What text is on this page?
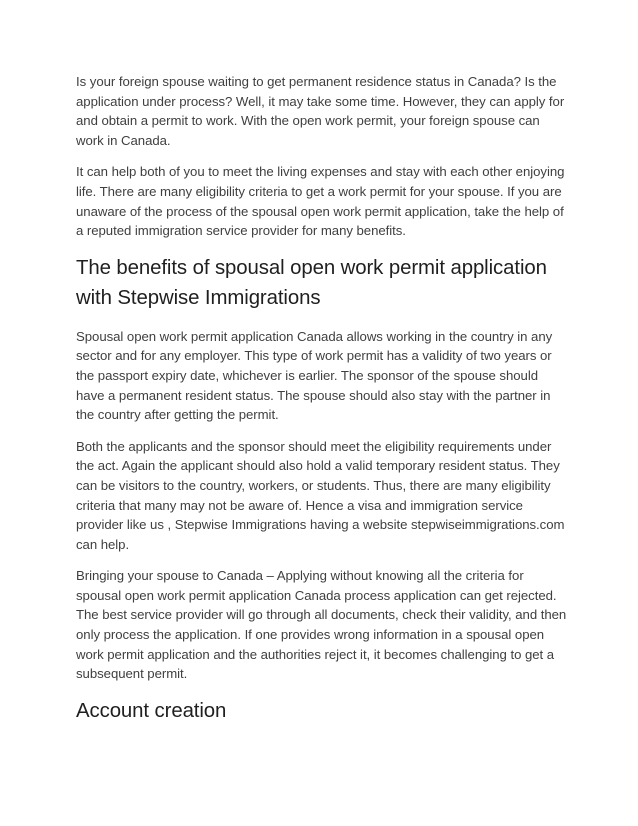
Is your foreign spouse waiting to get permanent residence status in Canada? Is the application under process? Well, it may take some time. However, they can apply for and obtain a permit to work. With the open work permit, your foreign spouse can work in Canada.

It can help both of you to meet the living expenses and stay with each other enjoying life. There are many eligibility criteria to get a work permit for your spouse. If you are unaware of the process of the spousal open work permit application, take the help of a reputed immigration service provider for many benefits.

The benefits of spousal open work permit application with Stepwise Immigrations

Spousal open work permit application Canada allows working in the country in any sector and for any employer. This type of work permit has a validity of two years or the passport expiry date, whichever is earlier. The sponsor of the spouse should have a permanent resident status. The spouse should also stay with the partner in the country after getting the permit.

Both the applicants and the sponsor should meet the eligibility requirements under the act. Again the applicant should also hold a valid temporary resident status. They can be visitors to the country, workers, or students. Thus, there are many eligibility criteria that many may not be aware of. Hence a visa and immigration service provider like us , Stepwise Immigrations having a website stepwiseimmigrations.com can help.

Bringing your spouse to Canada – Applying without knowing all the criteria for spousal open work permit application Canada process application can get rejected. The best service provider will go through all documents, check their validity, and then only process the application. If one provides wrong information in a spousal open work permit application and the authorities reject it, it becomes challenging to get a subsequent permit.

Account creation
